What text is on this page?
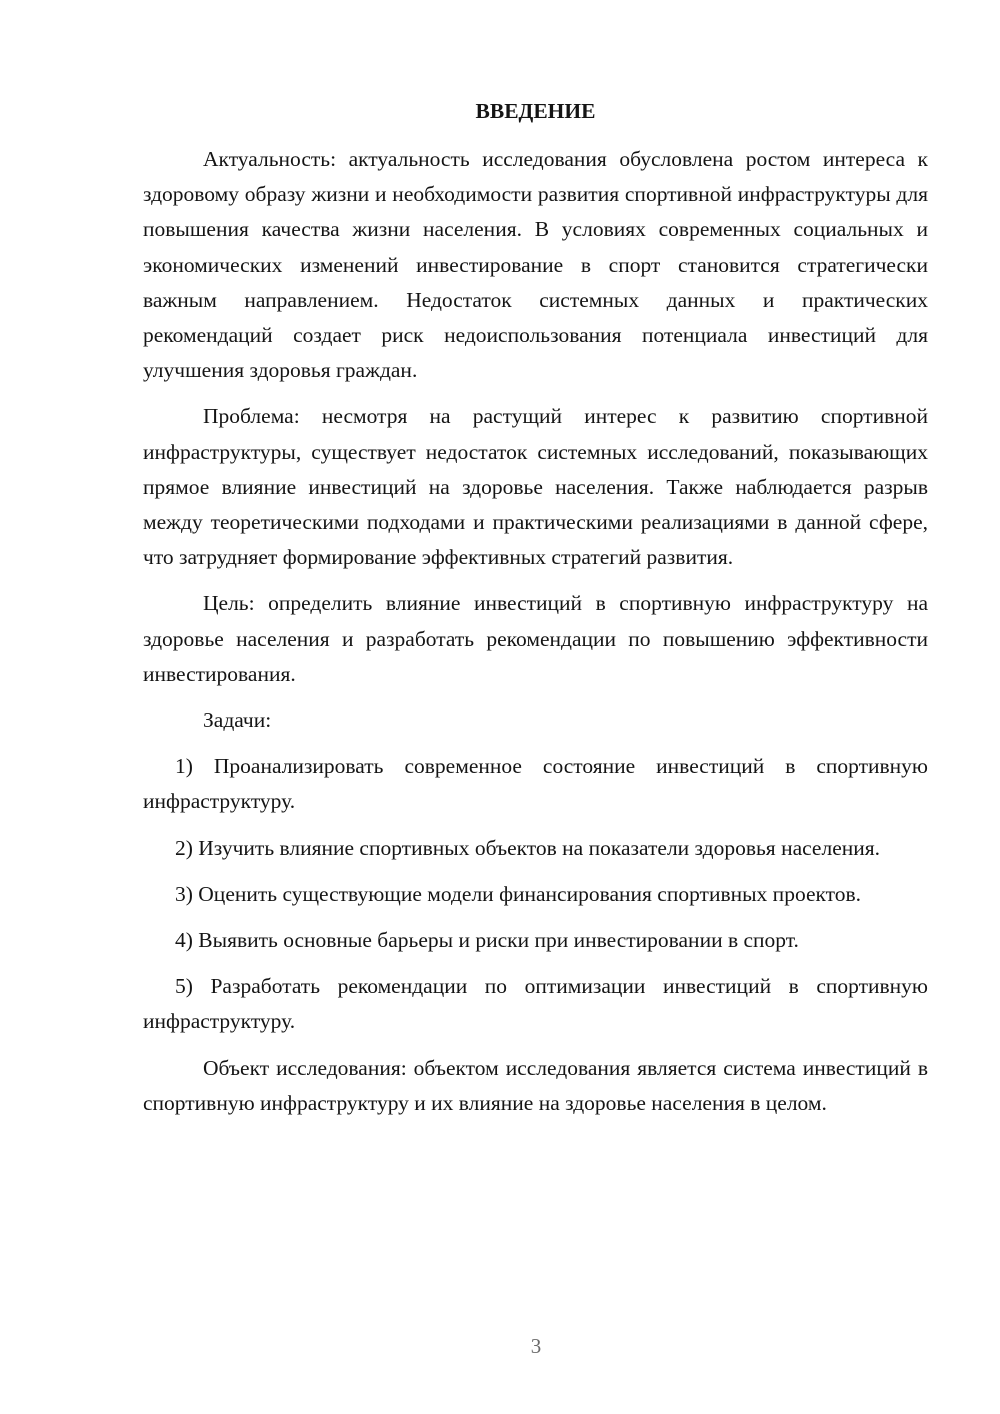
ВВЕДЕНИЕ

Актуальность: актуальность исследования обусловлена ростом интереса к здоровому образу жизни и необходимости развития спортивной инфраструктуры для повышения качества жизни населения. В условиях современных социальных и экономических изменений инвестирование в спорт становится стратегически важным направлением. Недостаток системных данных и практических рекомендаций создает риск недоиспользования потенциала инвестиций для улучшения здоровья граждан.

Проблема: несмотря на растущий интерес к развитию спортивной инфраструктуры, существует недостаток системных исследований, показывающих прямое влияние инвестиций на здоровье населения. Также наблюдается разрыв между теоретическими подходами и практическими реализациями в данной сфере, что затрудняет формирование эффективных стратегий развития.

Цель: определить влияние инвестиций в спортивную инфраструктуру на здоровье населения и разработать рекомендации по повышению эффективности инвестирования.

Задачи:

1) Проанализировать современное состояние инвестиций в спортивную инфраструктуру.

2) Изучить влияние спортивных объектов на показатели здоровья населения.

3) Оценить существующие модели финансирования спортивных проектов.

4) Выявить основные барьеры и риски при инвестировании в спорт.

5) Разработать рекомендации по оптимизации инвестиций в спортивную инфраструктуру.

Объект исследования: объектом исследования является система инвестиций в спортивную инфраструктуру и их влияние на здоровье населения в целом.

3
